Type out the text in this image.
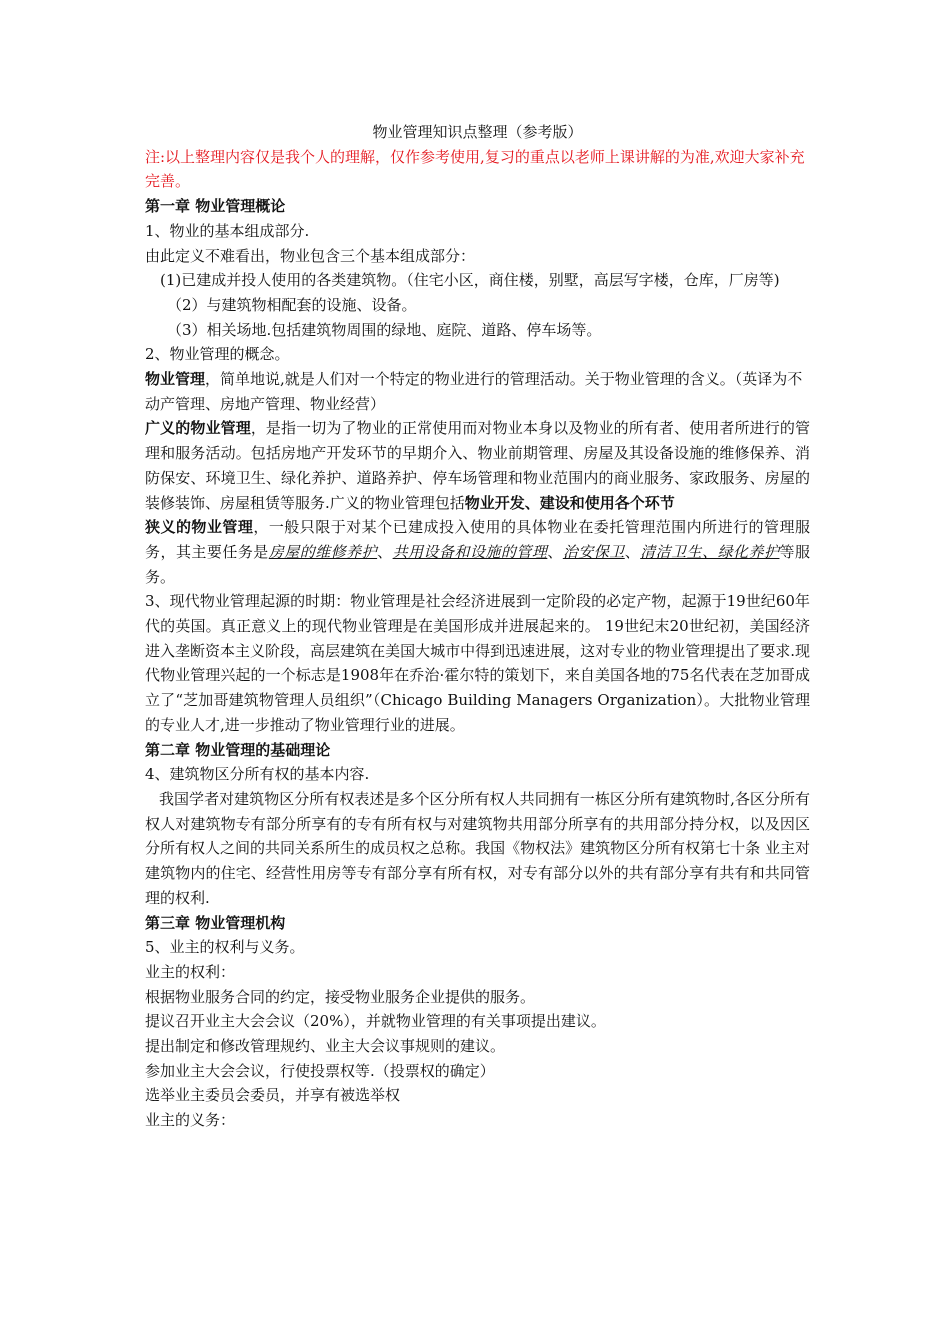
物业管理知识点整理（参考版）

注:以上整理内容仅是我个人的理解，仅作参考使用,复习的重点以老师上课讲解的为准,欢迎大家补充完善。

第一章 物业管理概论

1、物业的基本组成部分.

由此定义不难看出，物业包含三个基本组成部分：

(1)已建成并投人使用的各类建筑物。（住宅小区，商住楼，别墅，高层写字楼，仓库，厂房等)

（2）与建筑物相配套的设施、设备。

（3）相关场地.包括建筑物周围的绿地、庭院、道路、停车场等。

2、物业管理的概念。

物业管理，简单地说,就是人们对一个特定的物业进行的管理活动。关于物业管理的含义。（英译为不动产管理、房地产管理、物业经营）

广义的物业管理，是指一切为了物业的正常使用而对物业本身以及物业的所有者、使用者所进行的管理和服务活动。包括房地产开发环节的早期介入、物业前期管理、房屋及其设备设施的维修保养、消防保安、环境卫生、绿化养护、道路养护、停车场管理和物业范围内的商业服务、家政服务、房屋的装修装饰、房屋租赁等服务.广义的物业管理包括物业开发、建设和使用各个环节

狭义的物业管理，一般只限于对某个已建成投入使用的具体物业在委托管理范围内所进行的管理服务，其主要任务是房屋的维修养护、共用设备和设施的管理、治安保卫、清洁卫生、绿化养护等服务。

3、现代物业管理起源的时期：物业管理是社会经济进展到一定阶段的必定产物，起源于19世纪60年代的英国。真正意义上的现代物业管理是在美国形成并进展起来的。 19世纪末20世纪初，美国经济进入垄断资本主义阶段，高层建筑在美国大城市中得到迅速进展，这对专业的物业管理提出了要求.现代物业管理兴起的一个标志是1908年在乔治·霍尔特的策划下，来自美国各地的75名代表在芝加哥成立了“芝加哥建筑物管理人员组织”（Chicago Building Managers Organization）。大批物业管理的专业人才,进一步推动了物业管理行业的进展。

第二章 物业管理的基础理论

4、建筑物区分所有权的基本内容.

我国学者对建筑物区分所有权表述是多个区分所有权人共同拥有一栋区分所有建筑物时,各区分所有权人对建筑物专有部分所享有的专有所有权与对建筑物共用部分所享有的共用部分持分权，以及因区分所有权人之间的共同关系所生的成员权之总称。我国《物权法》建筑物区分所有权第七十条 业主对建筑物内的住宅、经营性用房等专有部分享有所有权，对专有部分以外的共有部分享有共有和共同管理的权利.

第三章 物业管理机构

5、业主的权利与义务。

业主的权利：

根据物业服务合同的约定，接受物业服务企业提供的服务。

提议召开业主大会会议（20%），并就物业管理的有关事项提出建议。

提出制定和修改管理规约、业主大会议事规则的建议。

参加业主大会会议，行使投票权等.（投票权的确定）

选举业主委员会委员，并享有被选举权

业主的义务：
